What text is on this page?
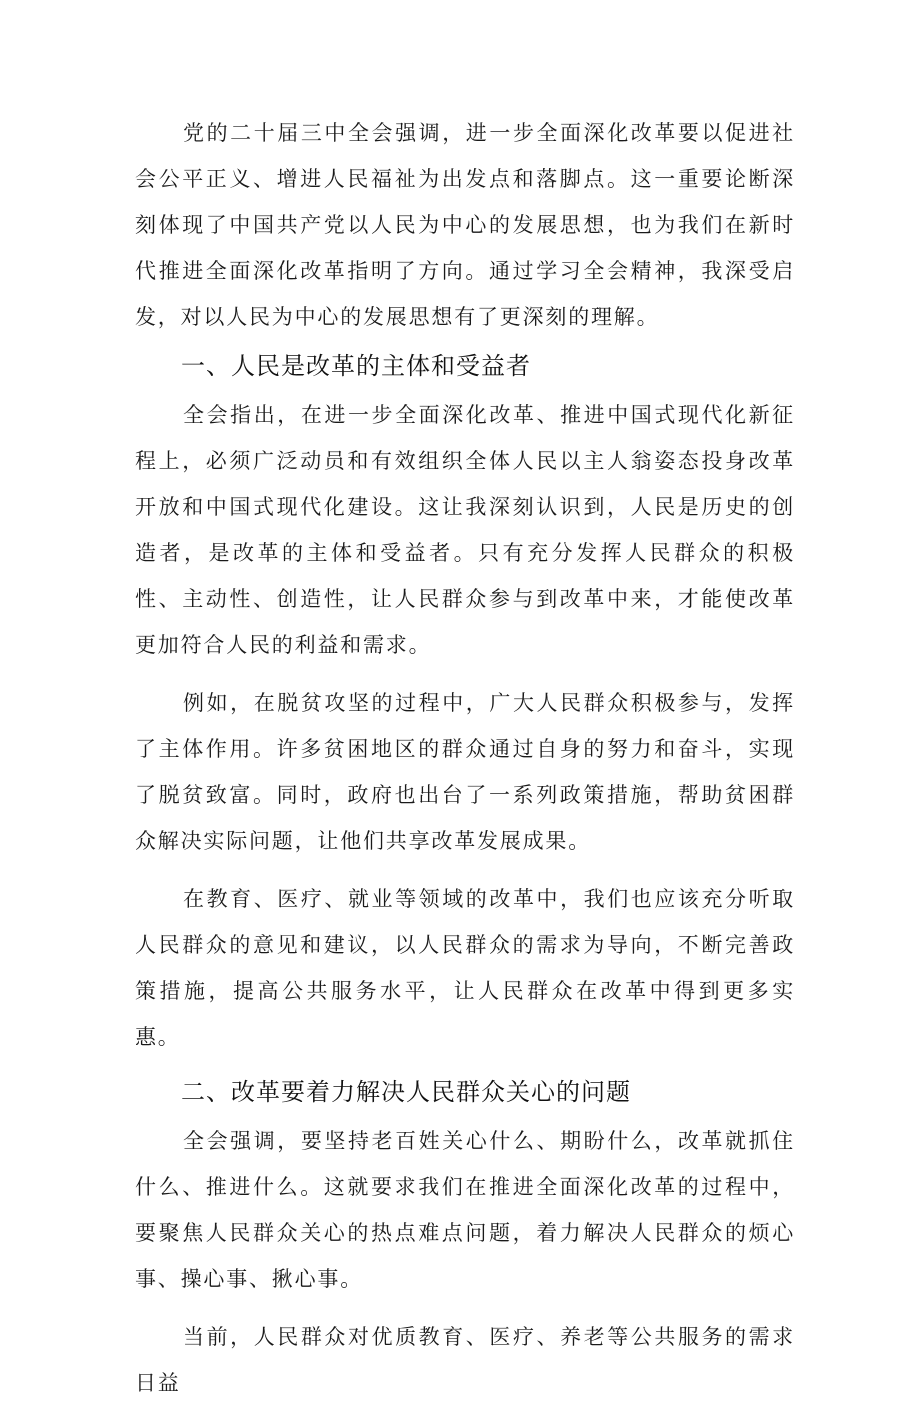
党的二十届三中全会强调，进一步全面深化改革要以促进社会公平正义、增进人民福祉为出发点和落脚点。这一重要论断深刻体现了中国共产党以人民为中心的发展思想，也为我们在新时代推进全面深化改革指明了方向。通过学习全会精神，我深受启发，对以人民为中心的发展思想有了更深刻的理解。

一、人民是改革的主体和受益者

全会指出，在进一步全面深化改革、推进中国式现代化新征程上，必须广泛动员和有效组织全体人民以主人翁姿态投身改革开放和中国式现代化建设。这让我深刻认识到，人民是历史的创造者，是改革的主体和受益者。只有充分发挥人民群众的积极性、主动性、创造性，让人民群众参与到改革中来，才能使改革更加符合人民的利益和需求。

例如，在脱贫攻坚的过程中，广大人民群众积极参与，发挥了主体作用。许多贫困地区的群众通过自身的努力和奋斗，实现了脱贫致富。同时，政府也出台了一系列政策措施，帮助贫困群众解决实际问题，让他们共享改革发展成果。

在教育、医疗、就业等领域的改革中，我们也应该充分听取人民群众的意见和建议，以人民群众的需求为导向，不断完善政策措施，提高公共服务水平，让人民群众在改革中得到更多实惠。

二、改革要着力解决人民群众关心的问题

全会强调，要坚持老百姓关心什么、期盼什么，改革就抓住什么、推进什么。这就要求我们在推进全面深化改革的过程中，要聚焦人民群众关心的热点难点问题，着力解决人民群众的烦心事、操心事、揪心事。

当前，人民群众对优质教育、医疗、养老等公共服务的需求日益
